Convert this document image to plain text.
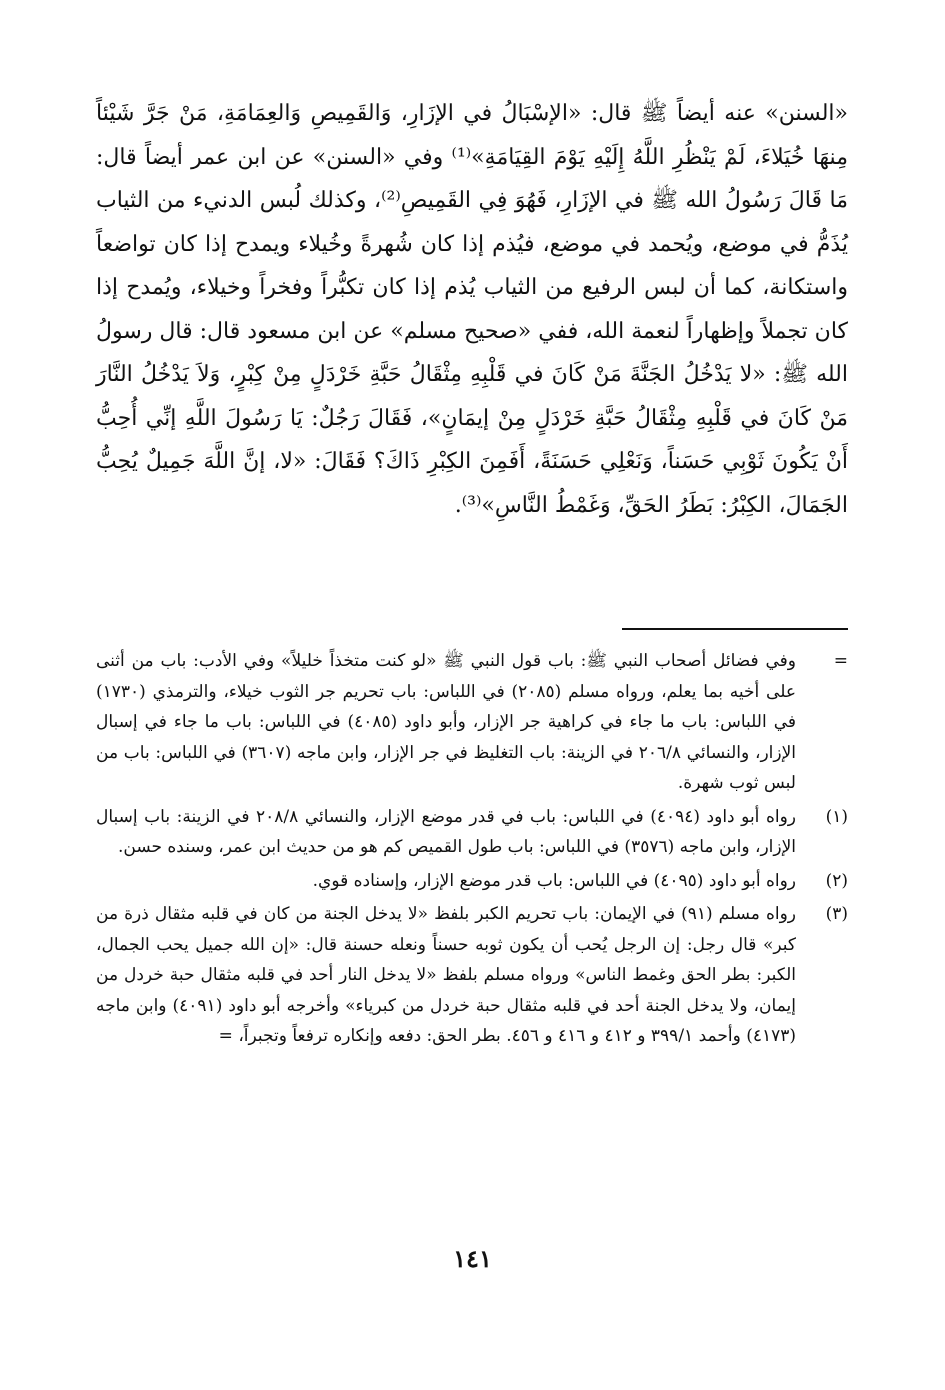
«السنن» عنه أيضاً ﷺ قال: «الإسْبَالُ في الإزَارِ، وَالقَمِيصِ وَالعِمَامَةِ، مَنْ جَرَّ شَيْئاً مِنهَا خُيَلاءَ، لَمْ يَنْظُرِ اللَّهُ إِلَيْهِ يَوْمَ القِيَامَةِ»⁽¹⁾ وفي «السنن» عن ابن عمر أيضاً قال: مَا قَالَ رَسُولُ الله ﷺ في الإزَارِ، فَهُوَ فِي القَمِيصِ⁽²⁾، وكذلك لُبس الدنيء من الثياب يُذَمُّ في موضع، ويُحمد في موضع، فيُذم إذا كان شُهرةً وخُيلاء ويمدح إذا كان تواضعاً واستكانة، كما أن لبس الرفيع من الثياب يُذم إذا كان تكبُّراً وفخراً وخيلاء، ويُمدح إذا كان تجملاً وإظهاراً لنعمة الله، ففي «صحيح مسلم» عن ابن مسعود قال: قال رسولُ الله ﷺ: «لا يَدْخُلُ الجَنَّةَ مَنْ كَانَ في قَلْبِهِ مِثْقَالُ حَبَّةِ خَرْدَلٍ مِنْ كِبْرٍ، وَلاَ يَدْخُلُ النَّارَ مَنْ كَانَ في قَلْبِهِ مِثْقَالُ حَبَّةِ خَرْدَلٍ مِنْ إيمَانٍ»، فَقَالَ رَجُلٌ: يَا رَسُولَ اللَّهِ إنِّي أُحِبُّ أَنْ يَكُونَ ثَوْبِي حَسَناً، وَنَعْلِي حَسَنَةً، أَفَمِنَ الكِبْرِ ذَاكَ؟ فَقَالَ: «لا، إنَّ اللَّهَ جَمِيلٌ يُحِبُّ الجَمَالَ، الكِبْرُ: بَطَرُ الحَقِّ، وَغَمْطُ النَّاسِ»⁽³⁾.

=
وفي فضائل أصحاب النبي ﷺ: باب قول النبي ﷺ «لو كنت متخذاً خليلاً» وفي الأدب: باب من أثنى على أخيه بما يعلم، ورواه مسلم (٢٠٨٥) في اللباس: باب تحريم جر الثوب خيلاء، والترمذي (١٧٣٠) في اللباس: باب ما جاء في كراهية جر الإزار، وأبو داود (٤٠٨٥) في اللباس: باب ما جاء في إسبال الإزار، والنسائي ٢٠٦/٨ في الزينة: باب التغليظ في جر الإزار، وابن ماجه (٣٦٠٧) في اللباس: باب من لبس ثوب شهرة.
(١)
رواه أبو داود (٤٠٩٤) في اللباس: باب في قدر موضع الإزار، والنسائي ٢٠٨/٨ في الزينة: باب إسبال الإزار، وابن ماجه (٣٥٧٦) في اللباس: باب طول القميص كم هو من حديث ابن عمر، وسنده حسن.
(٢)
رواه أبو داود (٤٠٩٥) في اللباس: باب قدر موضع الإزار، وإسناده قوي.
(٣)
رواه مسلم (٩١) في الإيمان: باب تحريم الكبر بلفظ «لا يدخل الجنة من كان في قلبه مثقال ذرة من كبر» قال رجل: إن الرجل يُحب أن يكون ثوبه حسناً ونعله حسنة قال: «إن الله جميل يحب الجمال، الكبر: بطر الحق وغمط الناس» ورواه مسلم بلفظ «لا يدخل النار أحد في قلبه مثقال حبة خردل من إيمان، ولا يدخل الجنة أحد في قلبه مثقال حبة خردل من كبرياء» وأخرجه أبو داود (٤٠٩١) وابن ماجه (٤١٧٣) وأحمد ٣٩٩/١ و ٤١٢ و ٤١٦ و ٤٥٦. بطر الحق: دفعه وإنكاره ترفعاً وتجبراً، =
١٤١
